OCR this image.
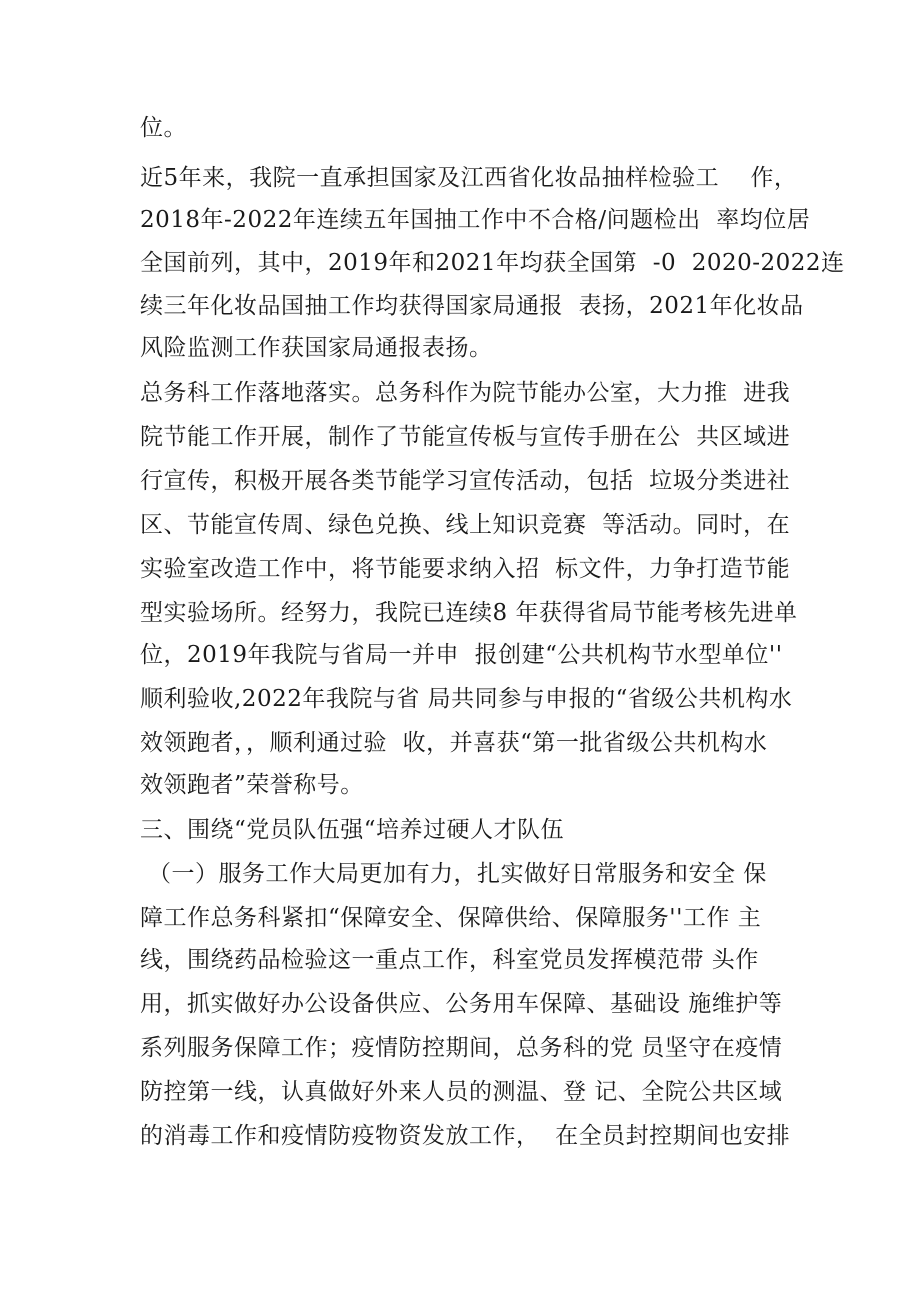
位。
近5年来，我院一直承担国家及江西省化妆品抽样检验工    作，
2018年-2022年连续五年国抽工作中不合格/问题检出  率均位居
全国前列，其中，2019年和2021年均获全国第  -0  2020-2022连
续三年化妆品国抽工作均获得国家局通报  表扬，2021年化妆品
风险监测工作获国家局通报表扬。
总务科工作落地落实。总务科作为院节能办公室，大力推  进我
院节能工作开展，制作了节能宣传板与宣传手册在公  共区域进
行宣传，积极开展各类节能学习宣传活动，包括  垃圾分类进社
区、节能宣传周、绿色兑换、线上知识竞赛  等活动。同时，在
实验室改造工作中，将节能要求纳入招  标文件，力争打造节能
型实验场所。经努力，我院已连续8 年获得省局节能考核先进单
位，2019年我院与省局一并申  报创建“公共机构节水型单位''
顺利验收,2022年我院与省 局共同参与申报的“省级公共机构水
效领跑者，，顺利通过验  收，并喜获“第一批省级公共机构水
效领跑者”荣誉称号。
三、围绕“党员队伍强“培养过硬人才队伍
（一）服务工作大局更加有力，扎实做好日常服务和安全 保
障工作总务科紧扣“保障安全、保障供给、保障服务''工作 主
线，围绕药品检验这一重点工作，科室党员发挥模范带 头作
用，抓实做好办公设备供应、公务用车保障、基础设 施维护等
系列服务保障工作；疫情防控期间，总务科的党 员坚守在疫情
防控第一线，认真做好外来人员的测温、登 记、全院公共区域
的消毒工作和疫情防疫物资发放工作，  在全员封控期间也安排
